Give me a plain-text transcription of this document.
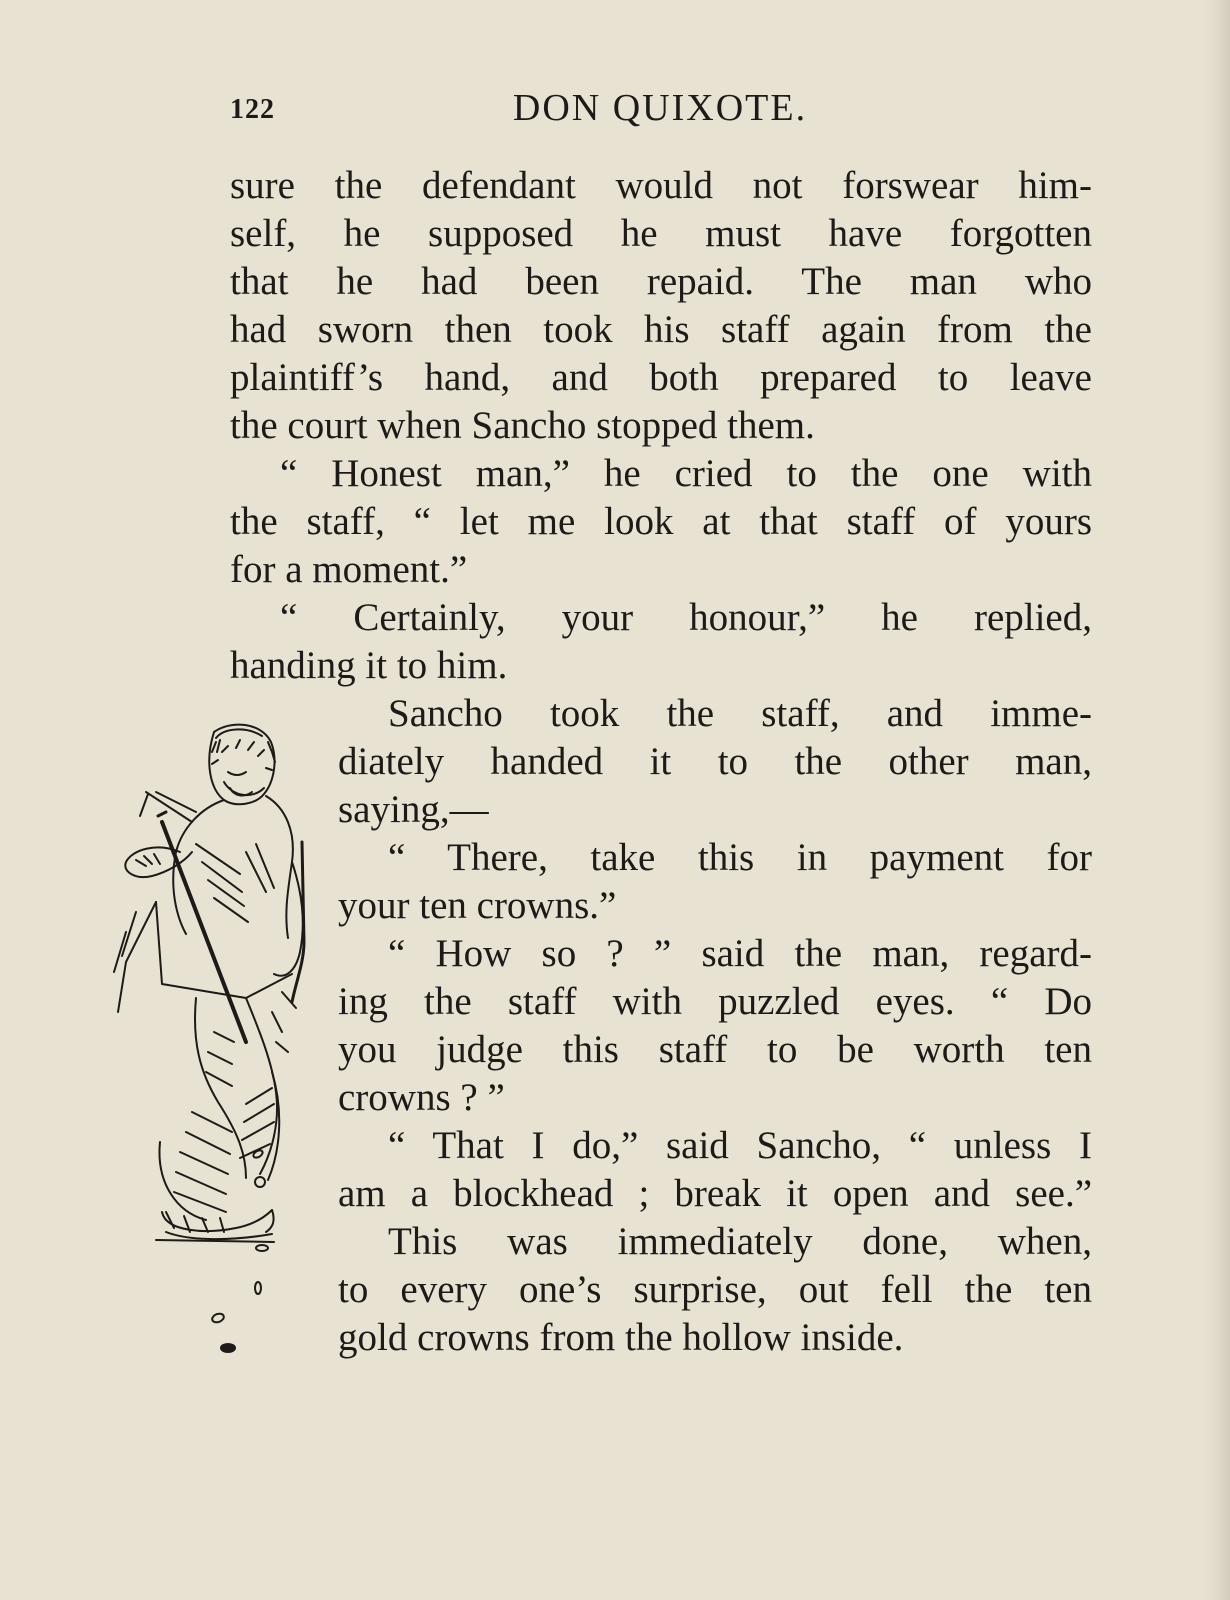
122	DON QUIXOTE.
sure the defendant would not forswear him-
self, he supposed he must have forgotten
that he had been repaid. The man who
had sworn then took his staff again from the
plaintiff’s hand, and both prepared to leave
the court when Sancho stopped them.
“ Honest man,” he cried to the one with
the staff, “ let me look at that staff of yours
for a moment.”
“ Certainly, your honour,” he replied,
handing it to him.
Sancho took the staff, and imme-
diately handed it to the other man,
saying,—
“ There, take this in payment for
your ten crowns.”
“ How so ? ” said the man, regard-
ing the staff with puzzled eyes. “ Do
you judge this staff to be worth ten
crowns ? ”
“ That I do,” said Sancho, “ unless I
am a blockhead ; break it open and see.”
This was immediately done, when,
to every one’s surprise, out fell the ten
gold crowns from the hollow inside.
